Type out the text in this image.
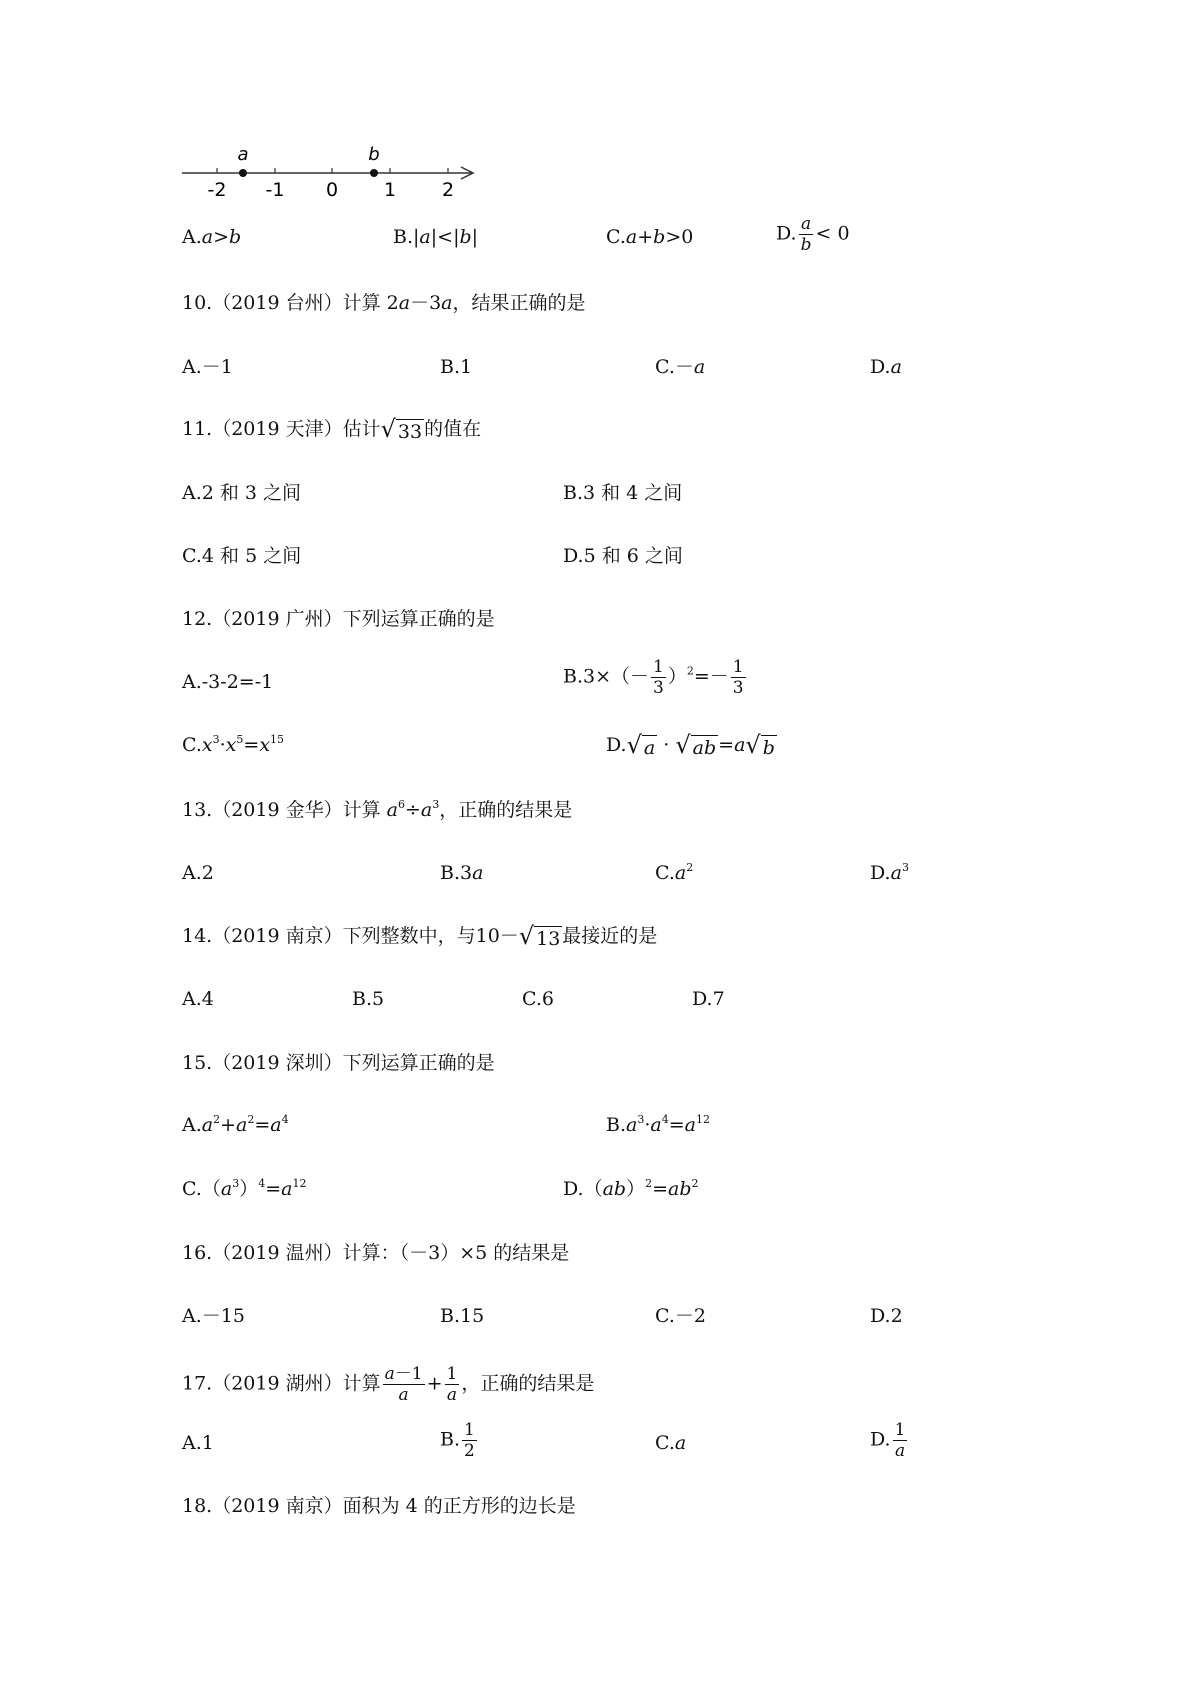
a	b
-2 -1 0 1 2
A.a>b	B.|a|<|b|	C.a+b>0	D. $\frac{a}{b} < 0$
10.（2019 台州）计算 2a－3a，结果正确的是
A.－1	B.1	C.－a	D.a
11.（2019 天津）估计 √ 33 的值在
A.2 和 3 之间	B.3 和 4 之间
C.4 和 5 之间	D.5 和 6 之间
12.（2019 广州）下列运算正确的是
A.-3-2=-1	$B.3\times(- \frac{1}{3} )^2=- \frac{1}{3}$
$C.x^3\cdot x^5=x^{15}$	D. √ a · √ ab =a √ b
13.（2019 金华）计算 $a^6\div a^3$，正确的结果是
A.2	B.3a	$C.a^2$	$D.a^3$
14.（2019 南京）下列整数中，与10－ √ 13 最接近的是
A.4	B.5	C.6	D.7
15.（2019 深圳）下列运算正确的是
$A.a^2+a^2=a^4$	$B.a^3\cdot a^4=a^{12}$
$C.(a^3)^4=a^{12}$	$D.(ab)^2=ab^2$
16.（2019 温州）计算：（－3）×5 的结果是
A.－15	B.15	C.－2	D.2
17.（2019 湖州）计算 $\frac{a-1}{a} + \frac{1}{a}$ ，正确的结果是
A.1	B. $\frac{1}{2}$	C.a	D. $\frac{1}{a}$
18.（2019 南京）面积为 4 的正方形的边长是
